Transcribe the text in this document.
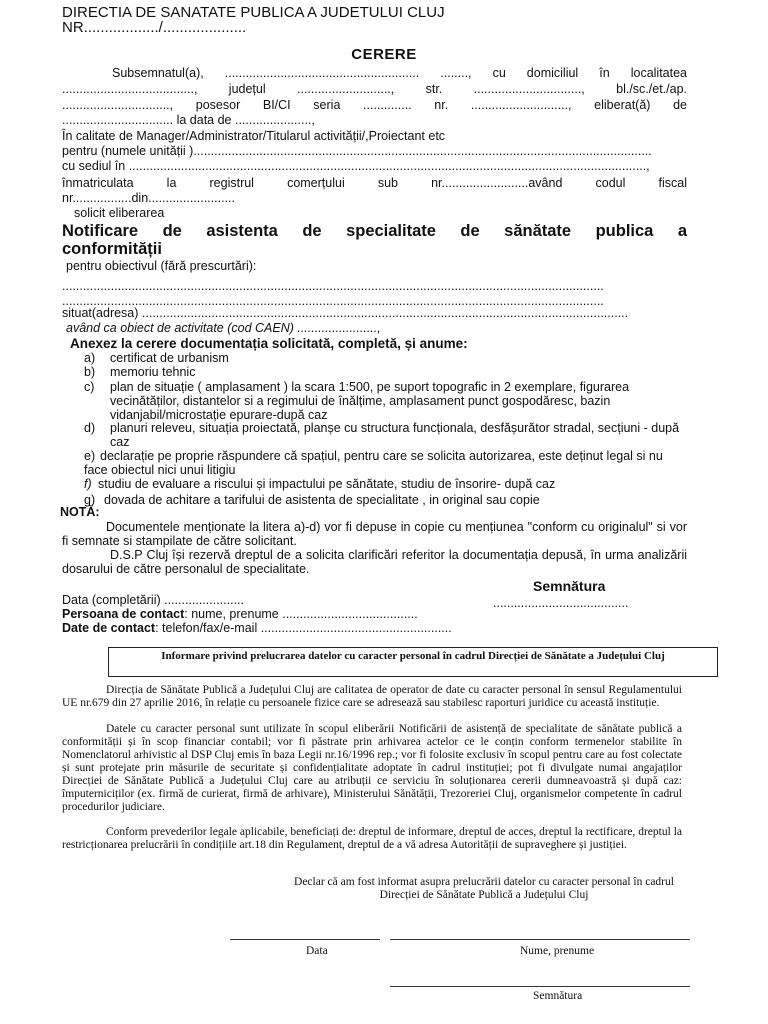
DIRECTIA DE SANATATE PUBLICA A JUDETULUI CLUJ
NR................../....................
CERERE
Subsemnatul(a), ........................................................ ........, cu domiciliul în localitatea
......................................, județul ..........................., str. ..............................., bl./sc./et./ap.
..............................., posesor BI/CI seria .............. nr. ............................, eliberat(ă) de
................................ la data de ......................,
În calitate de Manager/Administrator/Titularul activității/,Proiectant etc
pentru (numele unității )....................................................................................................................................
cu sediul în .....................................................................................................................................................,
înmatriculata la registrul comerțului sub nr.........................având codul fiscal
nr.................din.........................
solicit eliberarea
Notificare de asistenta de specialitate de sănătate publica a
conformității
pentru obiectivul (fără prescurtări):
............................................................................................................................................................
............................................................................................................................................................
situat(adresa) ............................................................................................................................................
având ca obiect de activitate (cod CAEN) .......................,
Anexez la cerere documentația solicitată, completă, și anume:
a) certificat de urbanism
b) memoriu tehnic
c) plan de situație ( amplasament ) la scara 1:500, pe suport topografic in 2 exemplare, figurarea vecinătăților, distantelor si a regimului de înălțime, amplasament punct gospodăresc, bazin vidanjabil/microstație epurare-după caz
d) planuri releveu, situația proiectată, planșe cu structura funcționala, desfășurător stradal, secțiuni - după caz
e) declarație pe proprie răspundere că spațiul, pentru care se solicita autorizarea, este deținut legal si nu face obiectul nici unui litigiu
f) studiu de evaluare a riscului și impactului pe sănătate, studiu de însorire- după caz
g) dovada de achitare a tarifului de asistenta de specialitate , in original sau copie
NOTĂ:
Documentele menționate la litera a)-d) vor fi depuse in copie cu mențiunea "conform cu originalul" si vor fi semnate si stampilate de către solicitant.
D.S.P Cluj își rezervă dreptul de a solicita clarificări referitor la documentația depusă, în urma analizării dosarului de către personalul de specialitate.
Semnătura
.......................................
Data (completării) .......................
Persoana de contact: nume, prenume .......................................
Date de contact: telefon/fax/e-mail .......................................................
Informare privind prelucrarea datelor cu caracter personal în cadrul Direcției de Sănătate a Județului Cluj
Direcția de Sănătate Publică a Județului Cluj are calitatea de operator de date cu caracter personal în sensul Regulamentului UE nr.679 din 27 aprilie 2016, în relație cu persoanele fizice care se adresează sau stabilesc raporturi juridice cu această instituție.
Datele cu caracter personal sunt utilizate în scopul eliberării Notificării de asistență de specialitate de sănătate publică a conformității și în scop financiar contabil; vor fi păstrate prin arhivarea actelor ce le conțin conform termenelor stabilite în Nomenclatorul arhivistic al DSP Cluj emis în baza Legii nr.16/1996 rep.; vor fi folosite exclusiv în scopul pentru care au fost colectate și sunt protejate prin măsurile de securitate și confidențialitate adoptate în cadrul instituției; pot fi divulgate numai angajaților Direcției de Sănătate Publică a Județului Cluj care au atribuții ce serviciu în soluționarea cererii dumneavoastră și după caz: împuterniciților (ex. firmă de curierat, firmă de arhivare), Ministerului Sănătății, Trezoreriei Cluj, organismelor competente în cadrul procedurilor judiciare.
Conform prevederilor legale aplicabile, beneficiați de: dreptul de informare, dreptul de acces, dreptul la rectificare, dreptul la restricționarea prelucrării în condițiile art.18 din Regulament, dreptul de a vă adresa Autorității de supraveghere și justiției.
Declar că am fost informat asupra prelucrării datelor cu caracter personal în cadrul Direcției de Sănătate Publică a Județului Cluj
Data	Nume, prenume
Semnătura
